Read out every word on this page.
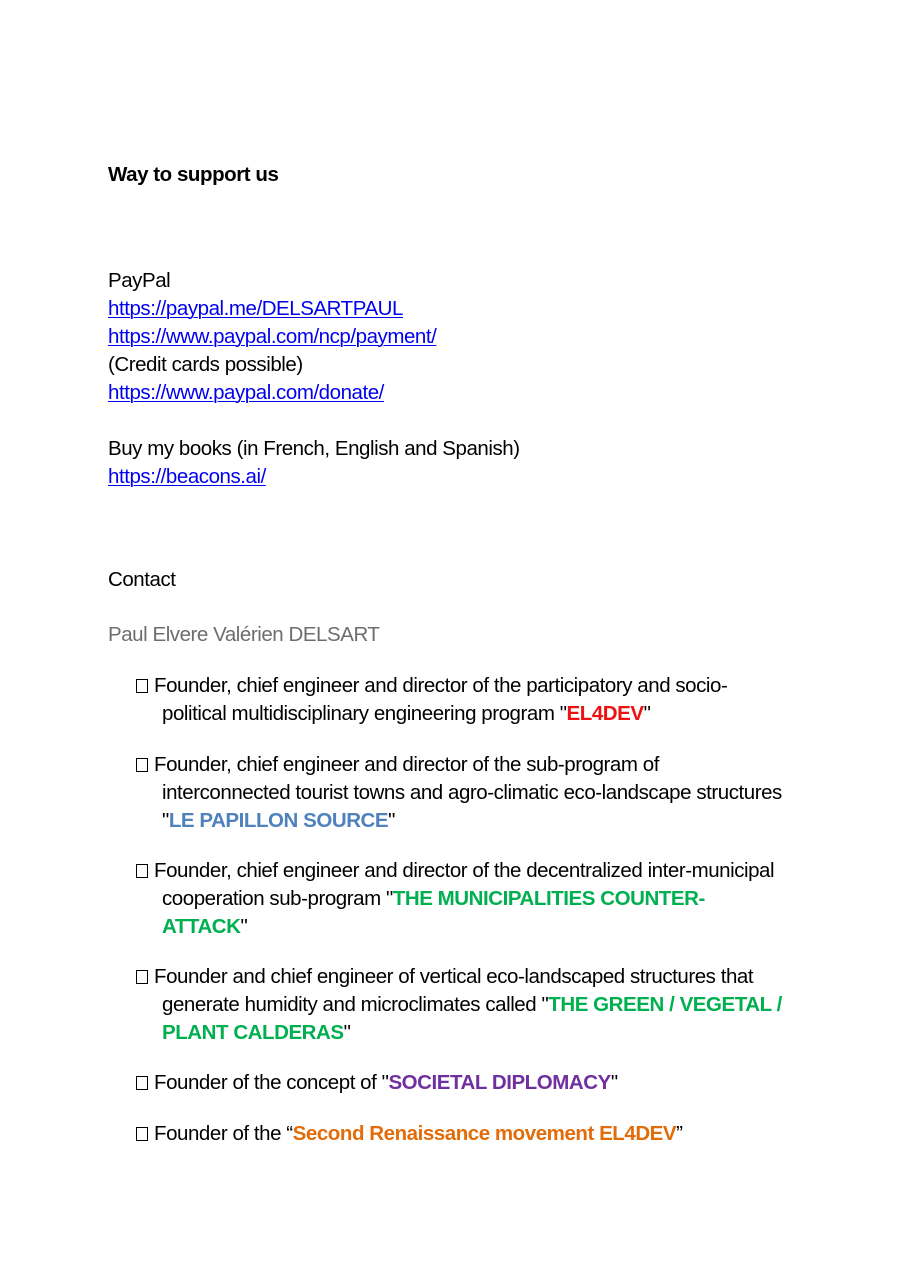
Way to support us
PayPal
https://paypal.me/DELSARTPAUL
https://www.paypal.com/ncp/payment/
(Credit cards possible)
https://www.paypal.com/donate/
Buy my books (in French, English and Spanish)
https://beacons.ai/
Contact
Paul Elvere Valérien DELSART
Founder, chief engineer and director of the participatory and socio-
political multidisciplinary engineering program "EL4DEV"
Founder, chief engineer and director of the sub-program of
interconnected tourist towns and agro-climatic eco-landscape structures
"LE PAPILLON SOURCE"
Founder, chief engineer and director of the decentralized inter-municipal
cooperation sub-program "THE MUNICIPALITIES COUNTER-
ATTACK"
Founder and chief engineer of vertical eco-landscaped structures that
generate humidity and microclimates called "THE GREEN / VEGETAL /
PLANT CALDERAS"
Founder of the concept of "SOCIETAL DIPLOMACY"
Founder of the “Second Renaissance movement EL4DEV”
